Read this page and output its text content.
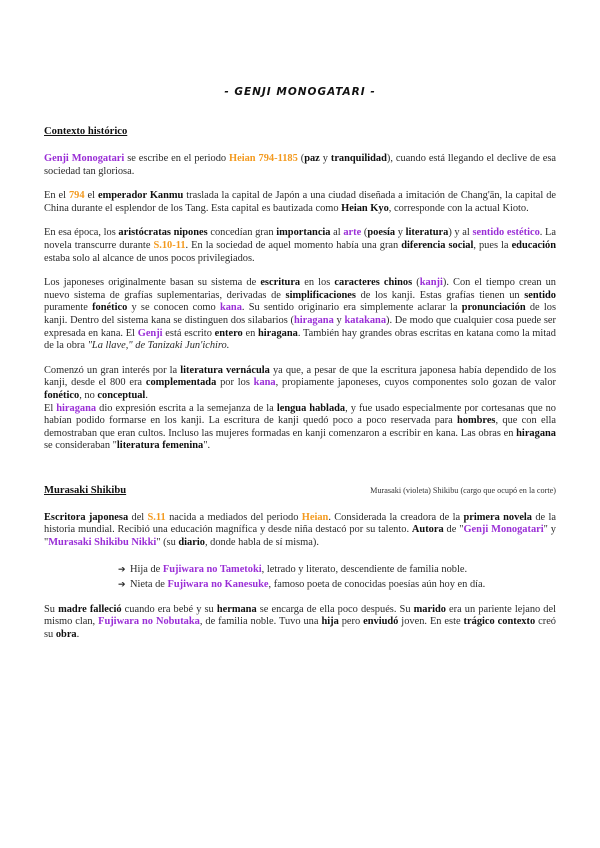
- GENJI MONOGATARI -
Contexto histórico

Genji Monogatari se escribe en el periodo Heian 794-1185 (paz y tranquilidad), cuando está llegando el declive de esa sociedad tan gloriosa.

En el 794 el emperador Kanmu traslada la capital de Japón a una ciudad diseñada a imitación de Chang'ān, la capital de China durante el esplendor de los Tang. Esta capital es bautizada como Heian Kyo, corresponde con la actual Kioto.

En esa época, los aristócratas nipones concedían gran importancia al arte (poesía y literatura) y al sentido estético. La novela transcurre durante S.10-11. En la sociedad de aquel momento había una gran diferencia social, pues la educación estaba solo al alcance de unos pocos privilegiados.

Los japoneses originalmente basan su sistema de escritura en los caracteres chinos (kanji). Con el tiempo crean un nuevo sistema de grafías suplementarias, derivadas de simplificaciones de los kanji. Estas grafías tienen un sentido puramente fonético y se conocen como kana. Su sentido originario era simplemente aclarar la pronunciación de los kanji. Dentro del sistema kana se distinguen dos silabarios (hiragana y katakana). De modo que cualquier cosa puede ser expresada en kana. El Genji está escrito entero en hiragana. También hay grandes obras escritas en katana como la mitad de la obra "La llave," de Tanizaki Jun'ichiro.

Comenzó un gran interés por la literatura vernácula ya que, a pesar de que la escritura japonesa había dependido de los kanji, desde el 800 era complementada por los kana, propiamente japoneses, cuyos componentes solo gozan de valor fonético, no conceptual.

El hiragana dio expresión escrita a la semejanza de la lengua hablada, y fue usado especialmente por cortesanas que no habían podido formarse en los kanji. La escritura de kanji quedó poco a poco reservada para hombres, que con ella demostraban que eran cultos. Incluso las mujeres formadas en kanji comenzaron a escribir en kana. Las obras en hiragana se consideraban "literatura femenina".

Murasaki Shikibu	Murasaki (violeta) Shikibu (cargo que ocupó en la corte)

Escritora japonesa del S.11 nacida a mediados del periodo Heian. Considerada la creadora de la primera novela de la historia mundial. Recibió una educación magnífica y desde niña destacó por su talento. Autora de "Genji Monogatari" y "Murasaki Shikibu Nikki" (su diario, donde habla de sí misma).

➔ Hija de Fujiwara no Tametoki, letrado y literato, descendiente de familia noble.
➔ Nieta de Fujiwara no Kanesuke, famoso poeta de conocidas poesías aún hoy en día.

Su madre falleció cuando era bebé y su hermana se encarga de ella poco después. Su marido era un pariente lejano del mismo clan, Fujiwara no Nobutaka, de familia noble. Tuvo una hija pero enviudó joven. En este trágico contexto creó su obra.
